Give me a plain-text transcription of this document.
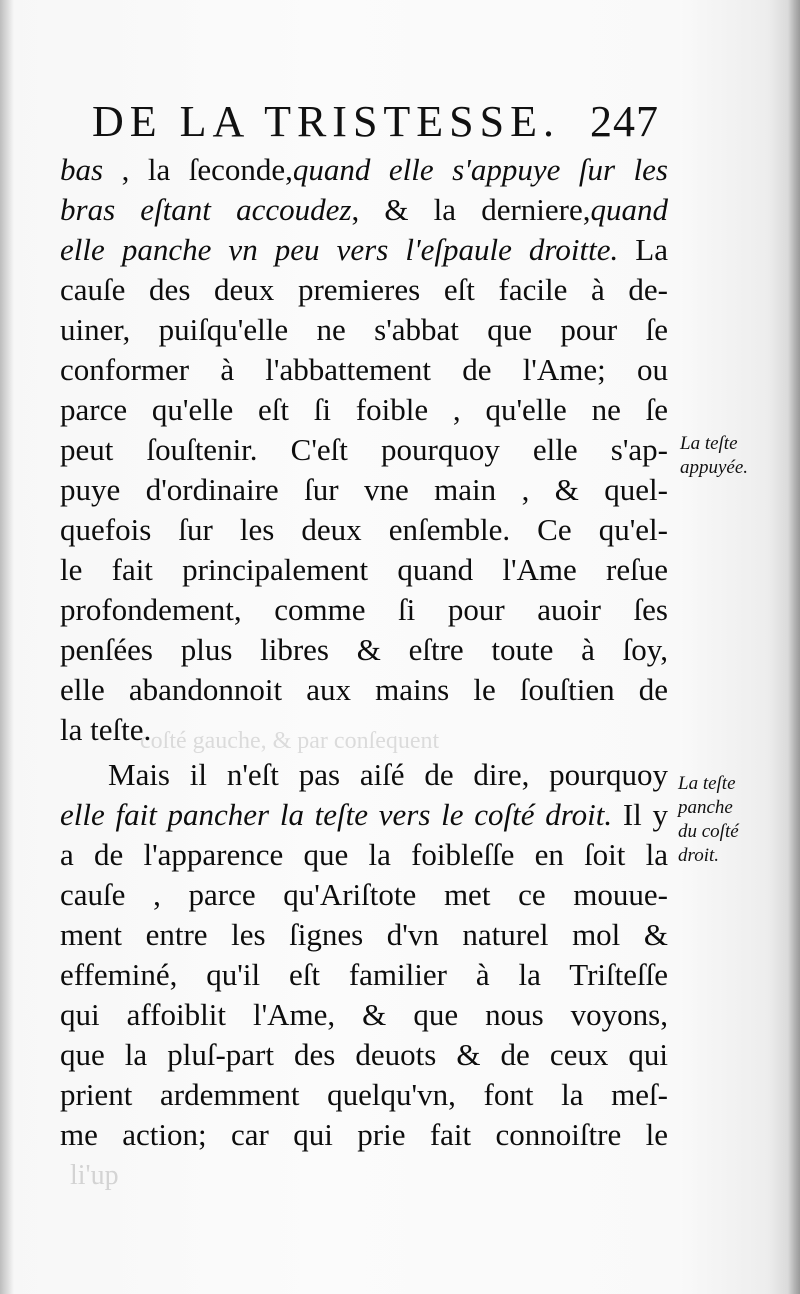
coſté gauche, & par conſequent
DE LA TRISTESSE. 247
bas , la ſeconde,quand elle s'appuye ſur les
bras eſtant accoudez, & la derniere,quand
elle panche vn peu vers l'eſpaule droitte. La
cauſe des deux premieres eſt facile à de-
uiner, puiſqu'elle ne s'abbat que pour ſe
conformer à l'abbattement de l'Ame; ou
parce qu'elle eſt ſi foible , qu'elle ne ſe
peut ſouſtenir. C'eſt pourquoy elle s'ap-
puye d'ordinaire ſur vne main , & quel-
quefois ſur les deux enſemble. Ce qu'el-
le fait principalement quand l'Ame reſue
profondement, comme ſi pour auoir ſes
penſées plus libres & eſtre toute à ſoy,
elle abandonnoit aux mains le ſouſtien de
la teſte.
Mais il n'eſt pas aiſé de dire, pourquoy
elle fait pancher la teſte vers le coſté droit. Il y
a de l'apparence que la foibleſſe en ſoit la
cauſe , parce qu'Ariſtote met ce mouue-
ment entre les ſignes d'vn naturel mol &
effeminé, qu'il eſt familier à la Triſteſſe
qui affoiblit l'Ame, & que nous voyons,
que la pluſ-part des deuots & de ceux qui
prient ardemment quelqu'vn, font la meſ-
me action; car qui prie fait connoiſtre le
La teſte
appuyée.
La teſte
panche
du coſté
droit.
li'up
